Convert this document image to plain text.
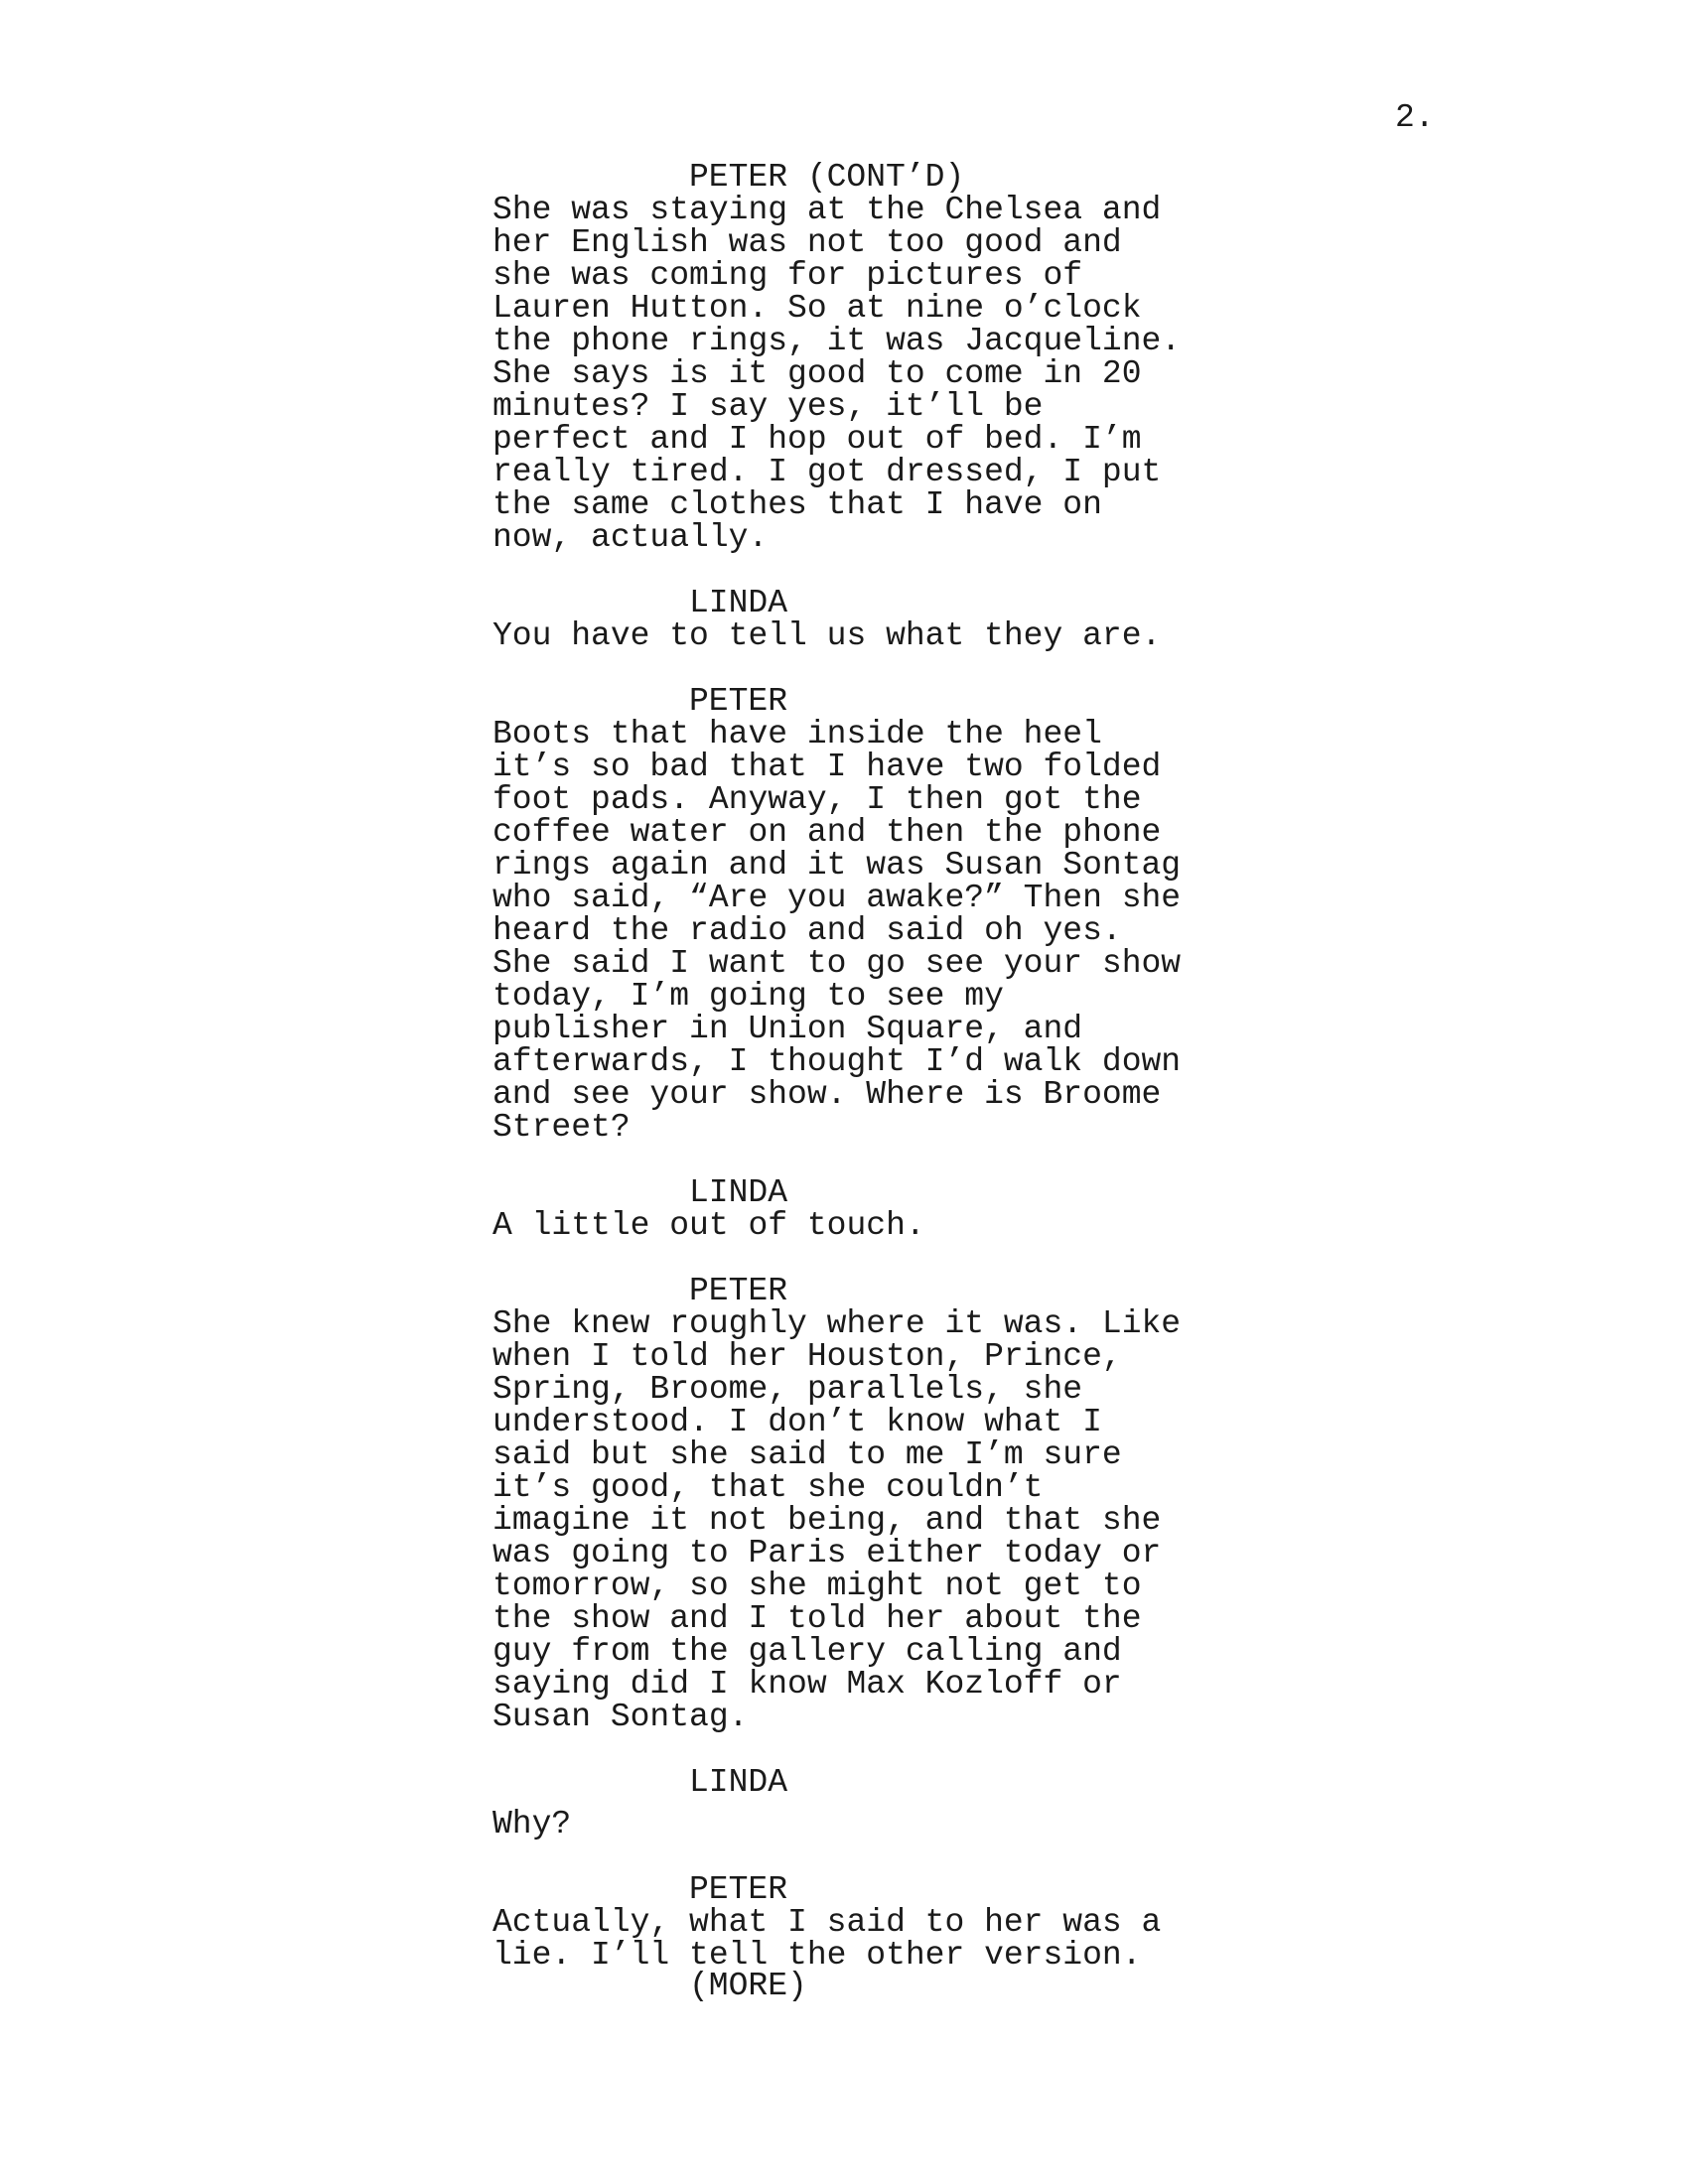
2.
PETER (CONT’D)
She was staying at the Chelsea and
her English was not too good and
she was coming for pictures of
Lauren Hutton. So at nine o’clock
the phone rings, it was Jacqueline.
She says is it good to come in 20
minutes? I say yes, it’ll be
perfect and I hop out of bed. I’m
really tired. I got dressed, I put
the same clothes that I have on
now, actually.
LINDA
You have to tell us what they are.
PETER
Boots that have inside the heel
it’s so bad that I have two folded
foot pads. Anyway, I then got the
coffee water on and then the phone
rings again and it was Susan Sontag
who said, “Are you awake?” Then she
heard the radio and said oh yes.
She said I want to go see your show
today, I’m going to see my
publisher in Union Square, and
afterwards, I thought I’d walk down
and see your show. Where is Broome
Street?
LINDA
A little out of touch.
PETER
She knew roughly where it was. Like
when I told her Houston, Prince,
Spring, Broome, parallels, she
understood. I don’t know what I
said but she said to me I’m sure
it’s good, that she couldn’t
imagine it not being, and that she
was going to Paris either today or
tomorrow, so she might not get to
the show and I told her about the
guy from the gallery calling and
saying did I know Max Kozloff or
Susan Sontag.
LINDA
Why?
PETER
Actually, what I said to her was a
lie. I’ll tell the other version.
(MORE)
